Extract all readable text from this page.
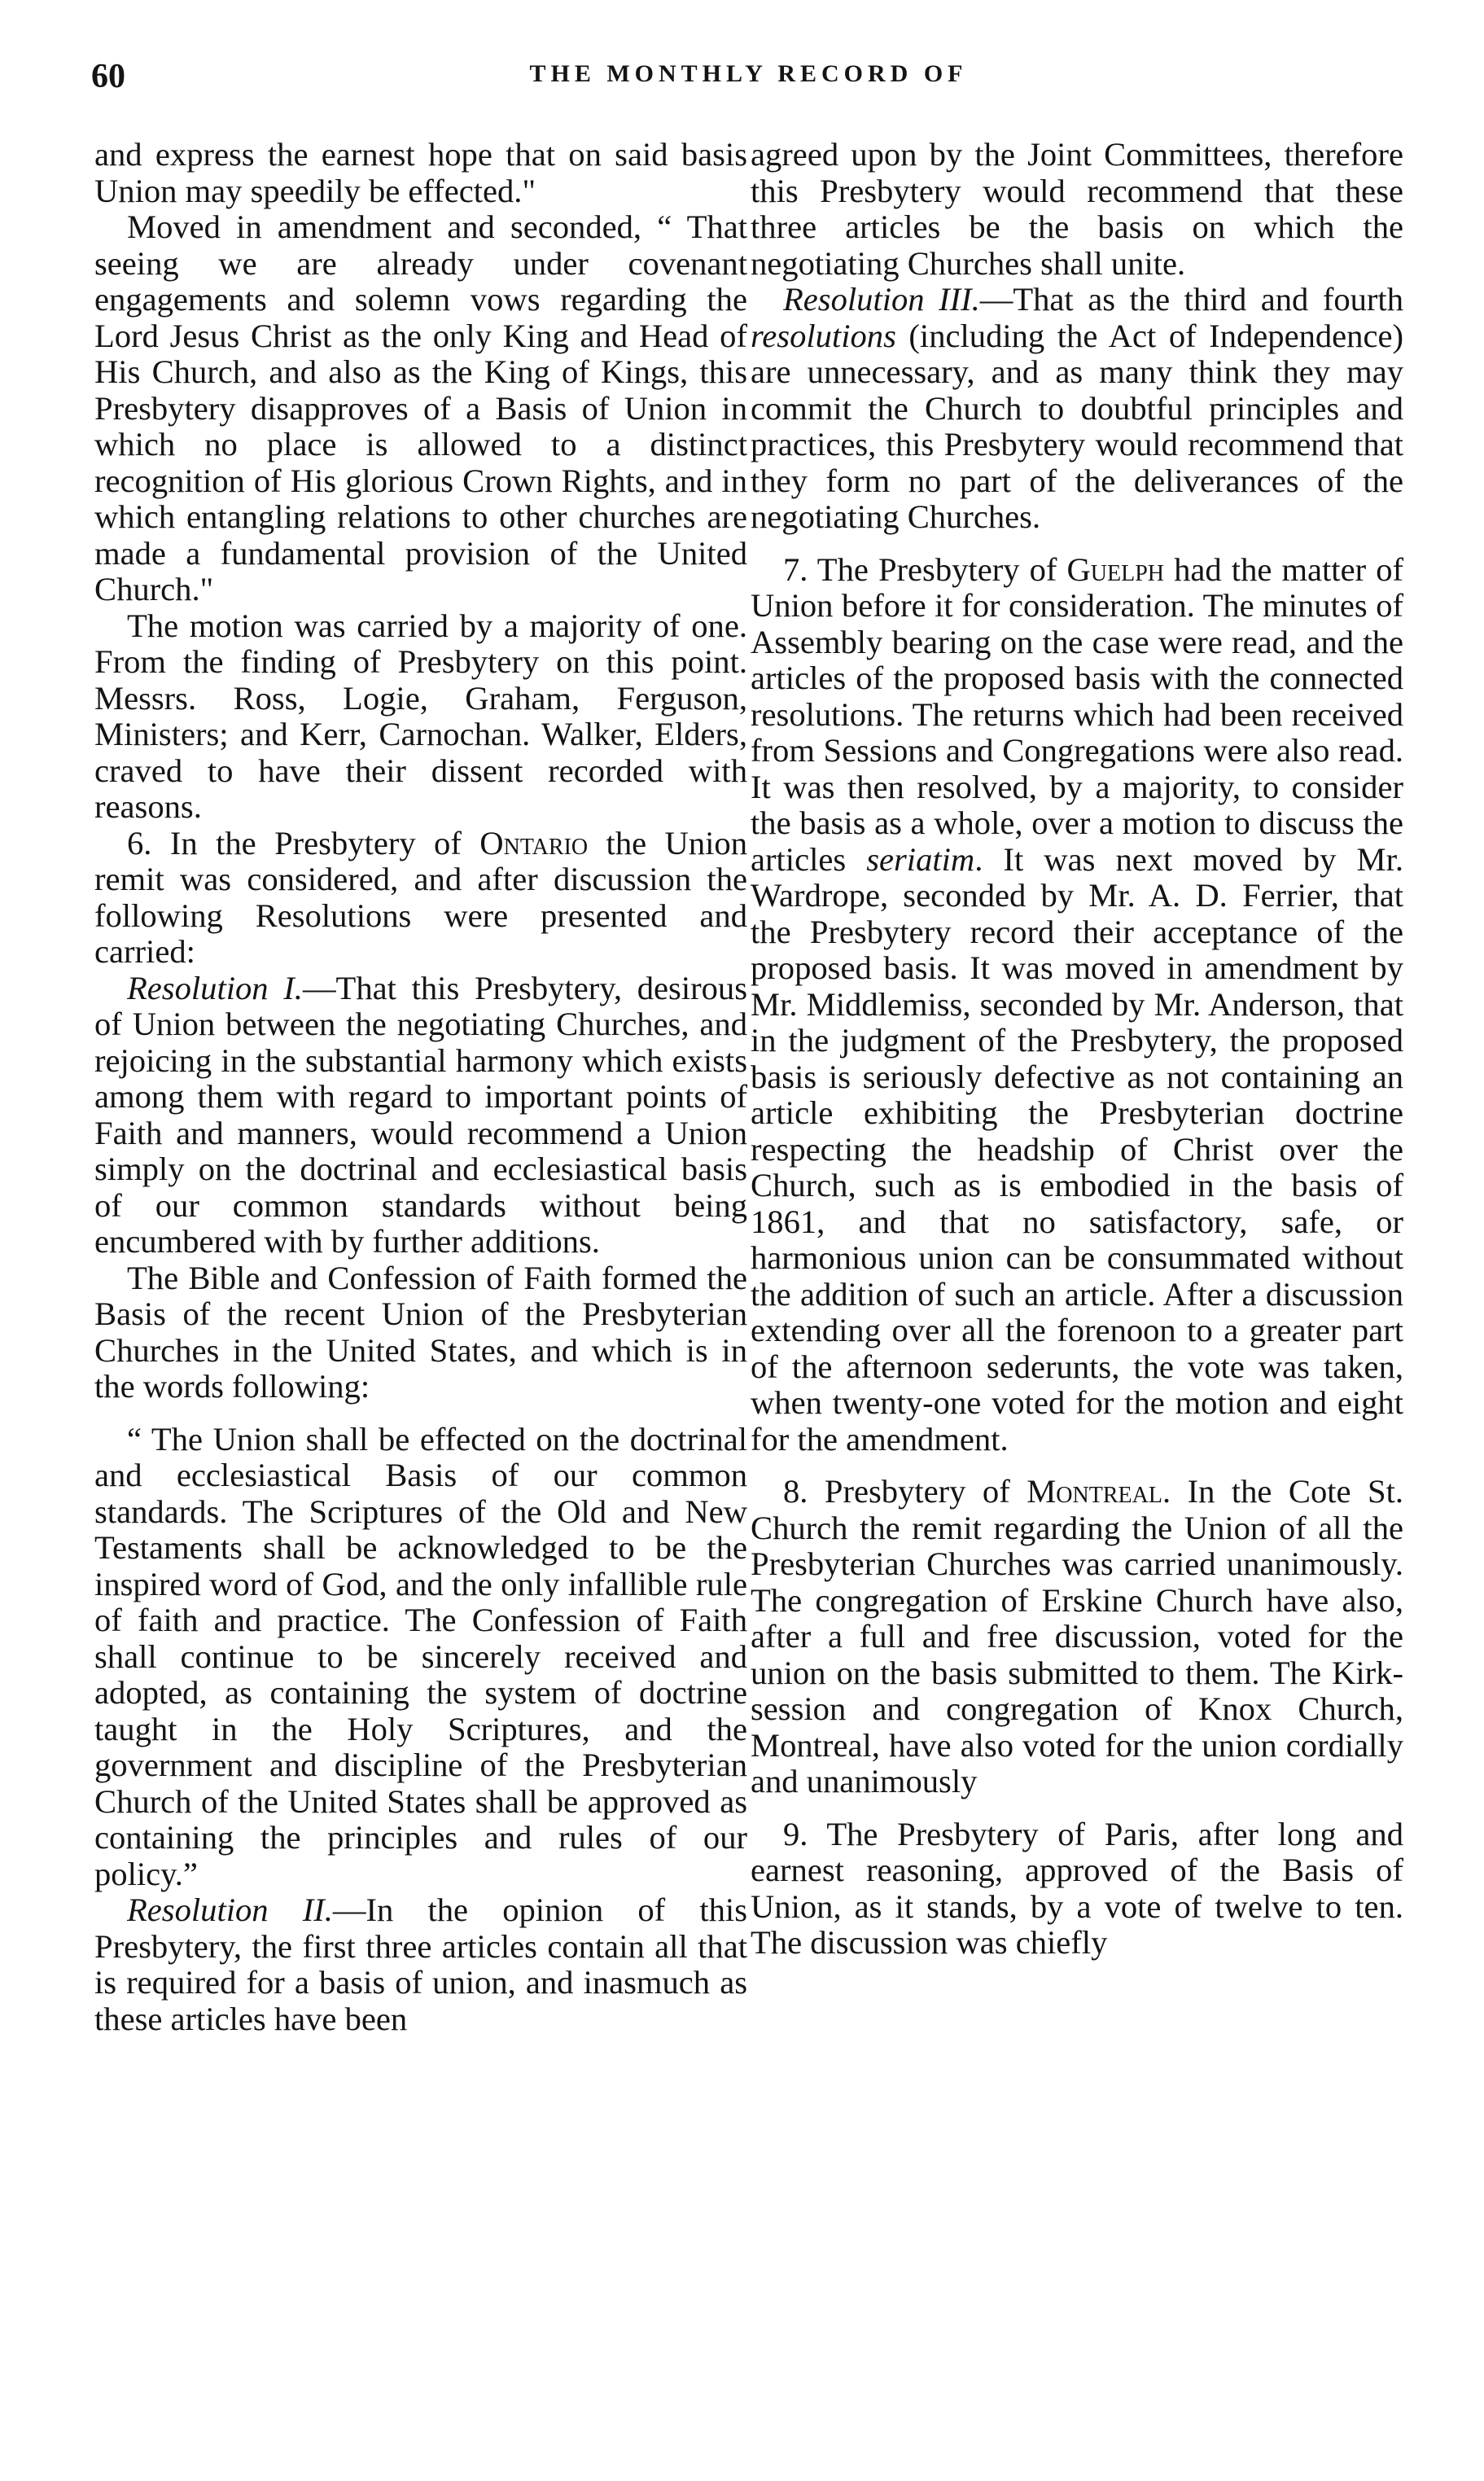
60	THE MONTHLY RECORD OF

and express the earnest hope that on said basis Union may speedily be effected."

Moved in amendment and seconded, “ That seeing we are already under covenant engagements and solemn vows regarding the Lord Jesus Christ as the only King and Head of His Church, and also as the King of Kings, this Presbytery disapproves of a Basis of Union in which no place is allowed to a distinct recognition of His glorious Crown Rights, and in which entangling relations to other churches are made a fundamental provision of the United Church."

The motion was carried by a majority of one. From the finding of Presbytery on this point. Messrs. Ross, Logie, Graham, Ferguson, Ministers; and Kerr, Carnochan. Walker, Elders, craved to have their dissent recorded with reasons.

6. In the Presbytery of Ontario the Union remit was considered, and after discussion the following Resolutions were presented and carried:

Resolution I.—That this Presbytery, desirous of Union between the negotiating Churches, and rejoicing in the substantial harmony which exists among them with regard to important points of Faith and manners, would recommend a Union simply on the doctrinal and ecclesiastical basis of our common standards without being encumbered with by further additions.

The Bible and Confession of Faith formed the Basis of the recent Union of the Presbyterian Churches in the United States, and which is in the words following:

“ The Union shall be effected on the doctrinal and ecclesiastical Basis of our common standards. The Scriptures of the Old and New Testaments shall be acknowledged to be the inspired word of God, and the only infallible rule of faith and practice. The Confession of Faith shall continue to be sincerely received and adopted, as containing the system of doctrine taught in the Holy Scriptures, and the government and discipline of the Presbyterian Church of the United States shall be approved as containing the principles and rules of our policy.”

Resolution II.—In the opinion of this Presbytery, the first three articles contain all that is required for a basis of union, and inasmuch as these articles have been

agreed upon by the Joint Committees, therefore this Presbytery would recommend that these three articles be the basis on which the negotiating Churches shall unite.

Resolution III.—That as the third and fourth resolutions (including the Act of Independence) are unnecessary, and as many think they may commit the Church to doubtful principles and practices, this Presbytery would recommend that they form no part of the deliverances of the negotiating Churches.

7. The Presbytery of Guelph had the matter of Union before it for consideration. The minutes of Assembly bearing on the case were read, and the articles of the proposed basis with the connected resolutions. The returns which had been received from Sessions and Congregations were also read. It was then resolved, by a majority, to consider the basis as a whole, over a motion to discuss the articles seriatim. It was next moved by Mr. Wardrope, seconded by Mr. A. D. Ferrier, that the Presbytery record their acceptance of the proposed basis. It was moved in amendment by Mr. Middlemiss, seconded by Mr. Anderson, that in the judgment of the Presbytery, the proposed basis is seriously defective as not containing an article exhibiting the Presbyterian doctrine respecting the headship of Christ over the Church, such as is embodied in the basis of 1861, and that no satisfactory, safe, or harmonious union can be consummated without the addition of such an article. After a discussion extending over all the forenoon to a greater part of the afternoon sederunts, the vote was taken, when twenty-one voted for the motion and eight for the amendment.

8. Presbytery of Montreal. In the Cote St. Church the remit regarding the Union of all the Presbyterian Churches was carried unanimously. The congregation of Erskine Church have also, after a full and free discussion, voted for the union on the basis submitted to them. The Kirk-session and congregation of Knox Church, Montreal, have also voted for the union cordially and unanimously

9. The Presbytery of Paris, after long and earnest reasoning, approved of the Basis of Union, as it stands, by a vote of twelve to ten. The discussion was chiefly
